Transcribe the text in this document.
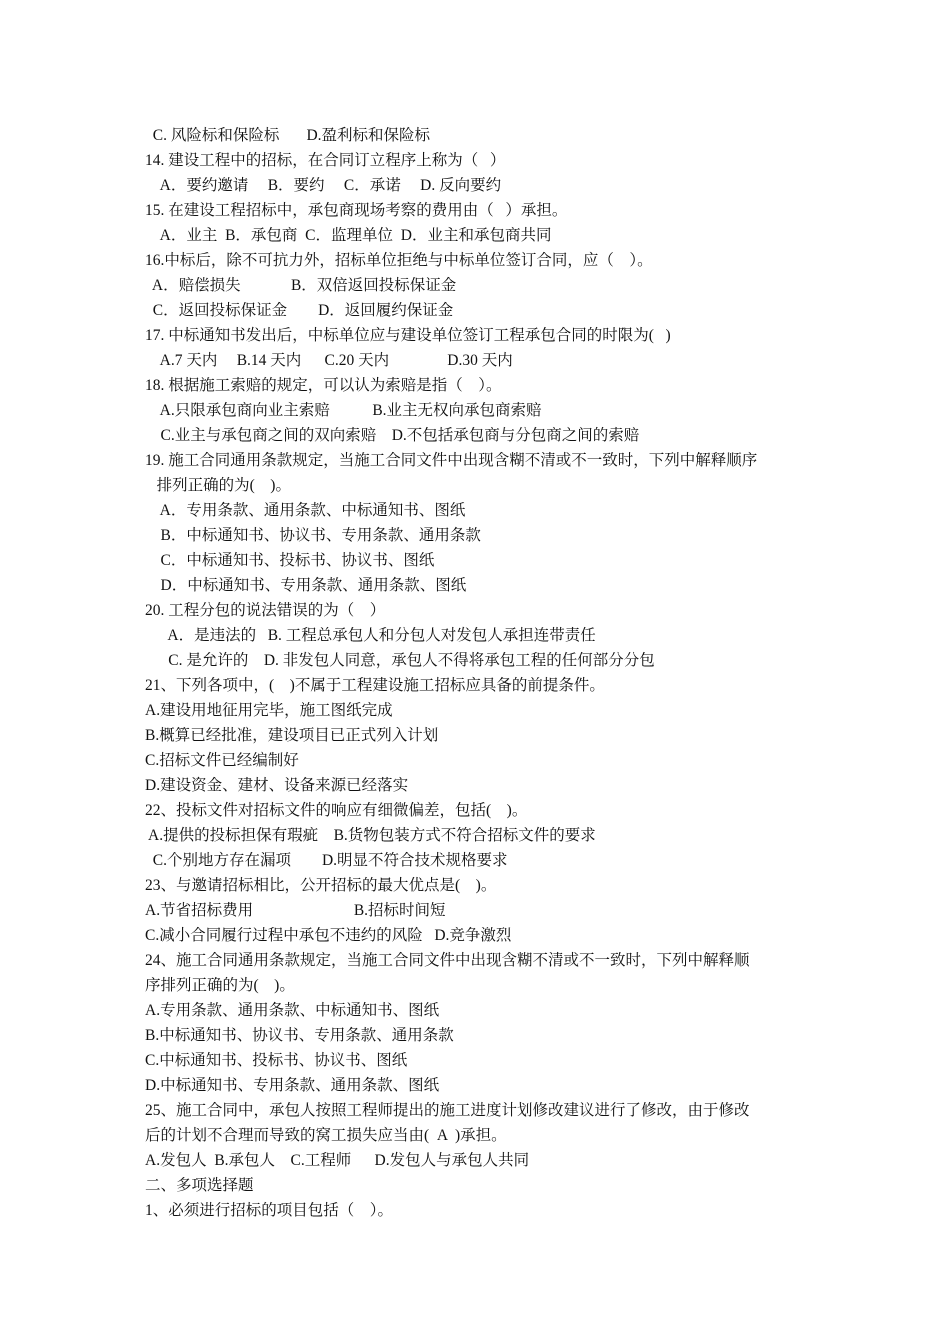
C. 风险标和保险标       D.盈利标和保险标
14. 建设工程中的招标，在合同订立程序上称为（   ）
A．要约邀请     B．要约     C．承诺     D. 反向要约
15. 在建设工程招标中，承包商现场考察的费用由（   ）承担。
A．业主  B．承包商  C．监理单位  D．业主和承包商共同
16.中标后，除不可抗力外，招标单位拒绝与中标单位签订合同，应（    ）。
A．赔偿损失             B．双倍返回投标保证金
C．返回投标保证金        D．返回履约保证金
17. 中标通知书发出后，中标单位应与建设单位签订工程承包合同的时限为(   )
A.7 天内     B.14 天内      C.20 天内               D.30 天内
18. 根据施工索赔的规定，可以认为索赔是指（    ）。
A.只限承包商向业主索赔           B.业主无权向承包商索赔
C.业主与承包商之间的双向索赔    D.不包括承包商与分包商之间的索赔
19. 施工合同通用条款规定，当施工合同文件中出现含糊不清或不一致时，下列中解释顺序
排列正确的为(    )。
A．专用条款、通用条款、中标通知书、图纸
B．中标通知书、协议书、专用条款、通用条款
C．中标通知书、投标书、协议书、图纸
D．中标通知书、专用条款、通用条款、图纸
20. 工程分包的说法错误的为（    ）
A．是违法的   B. 工程总承包人和分包人对发包人承担连带责任
C. 是允许的    D. 非发包人同意，承包人不得将承包工程的任何部分分包
21、下列各项中，(    )不属于工程建设施工招标应具备的前提条件。
A.建设用地征用完毕，施工图纸完成
B.概算已经批准，建设项目已正式列入计划
C.招标文件已经编制好
D.建设资金、建材、设备来源已经落实
22、投标文件对招标文件的响应有细微偏差，包括(    )。
A.提供的投标担保有瑕疵    B.货物包装方式不符合招标文件的要求
C.个别地方存在漏项        D.明显不符合技术规格要求
23、与邀请招标相比，公开招标的最大优点是(    )。
A.节省招标费用                          B.招标时间短
C.减小合同履行过程中承包不违约的风险   D.竞争激烈
24、施工合同通用条款规定，当施工合同文件中出现含糊不清或不一致时，下列中解释顺
序排列正确的为(    )。
A.专用条款、通用条款、中标通知书、图纸
B.中标通知书、协议书、专用条款、通用条款
C.中标通知书、投标书、协议书、图纸
D.中标通知书、专用条款、通用条款、图纸
25、施工合同中，承包人按照工程师提出的施工进度计划修改建议进行了修改，由于修改
后的计划不合理而导致的窝工损失应当由(  A  )承担。
A.发包人  B.承包人    C.工程师      D.发包人与承包人共同
二、多项选择题
1、必须进行招标的项目包括（    ）。
